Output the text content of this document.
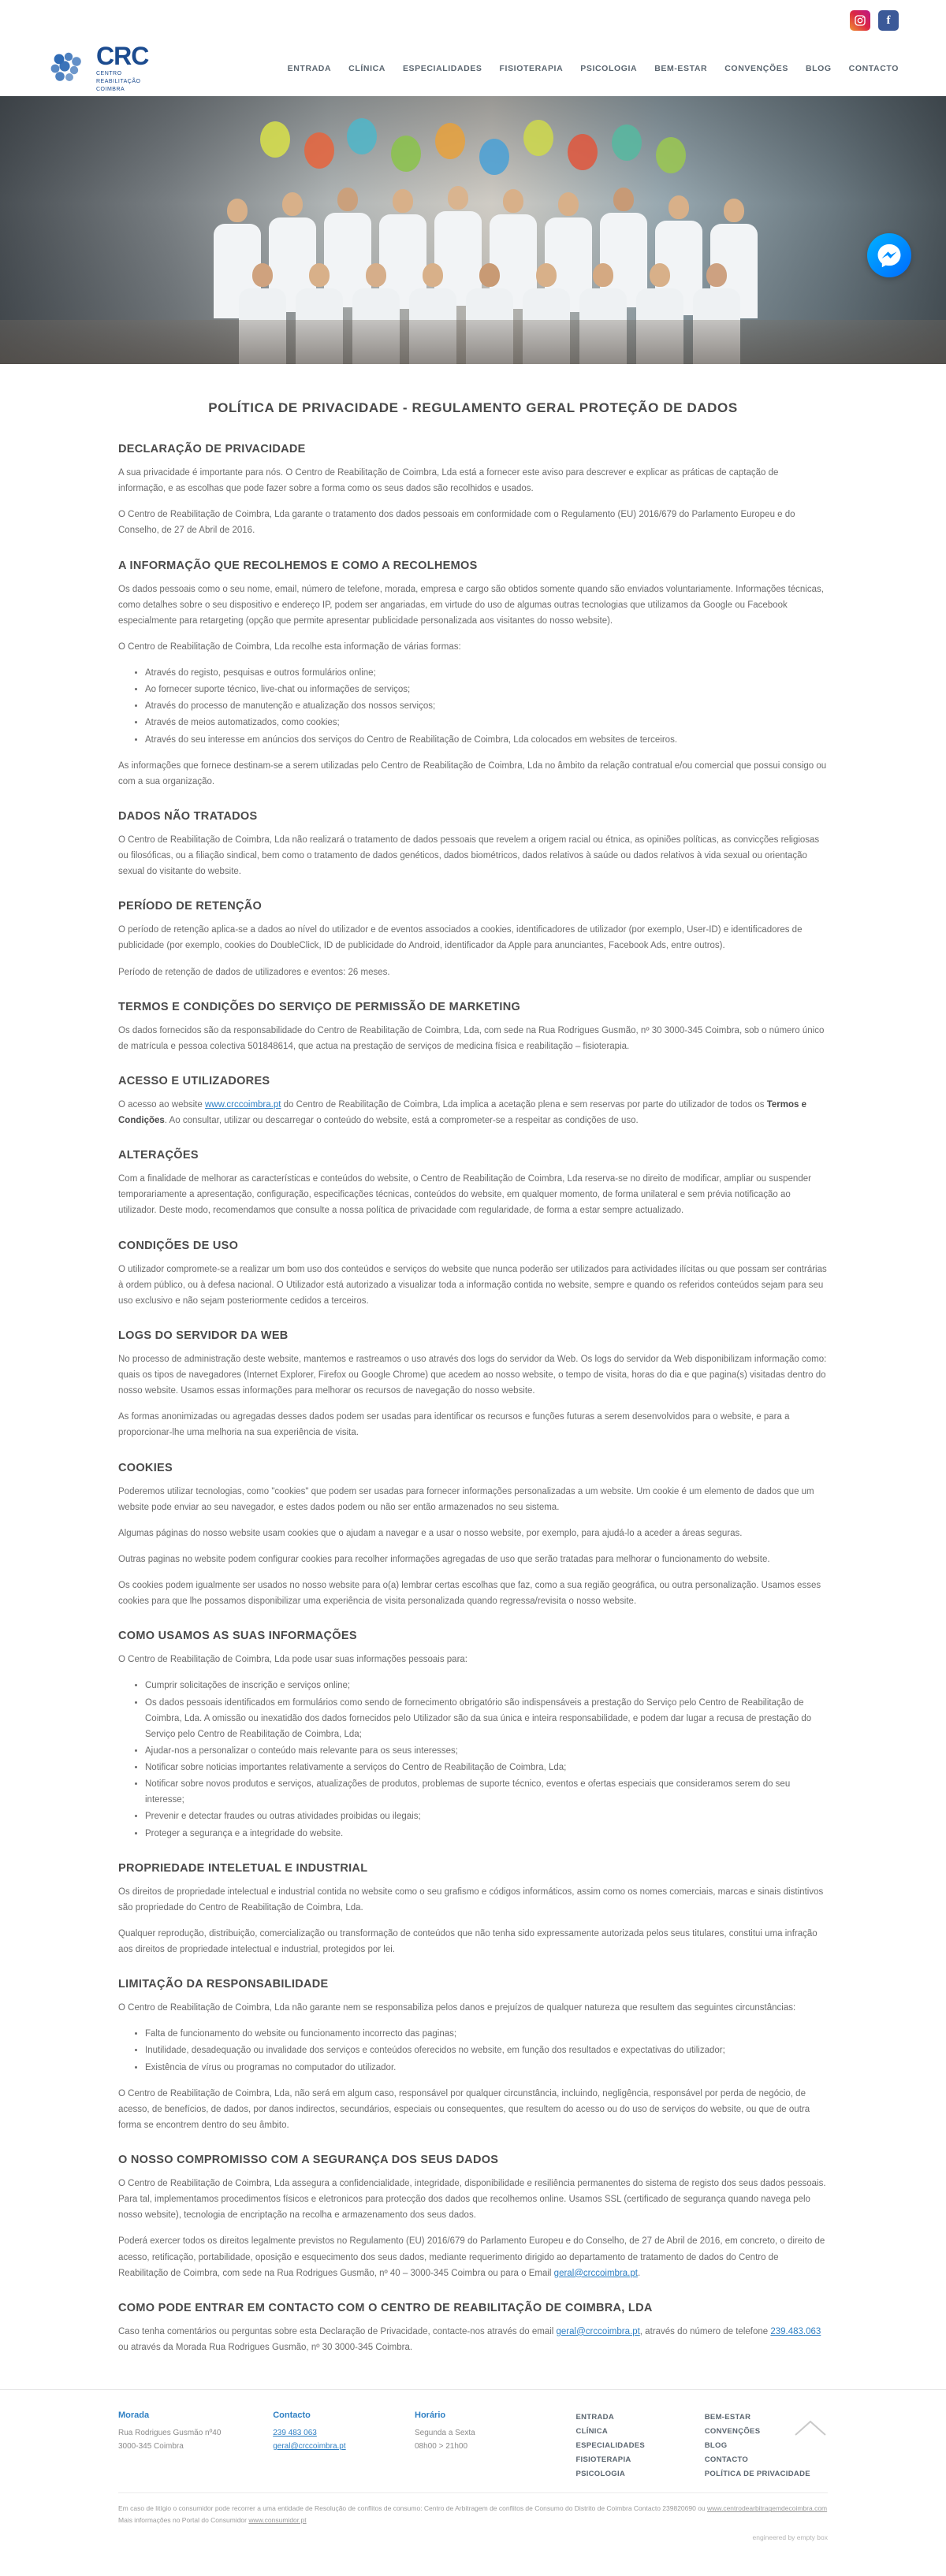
f
CRC
CENTRO
REABILITAÇÃO
COIMBRA
ENTRADA CLÍNICA ESPECIALIDADES FISIOTERAPIA PSICOLOGIA BEM-ESTAR CONVENÇÕES BLOG CONTACTO
POLÍTICA DE PRIVACIDADE - REGULAMENTO GERAL PROTEÇÃO DE DADOS
DECLARAÇÃO DE PRIVACIDADE

A sua privacidade é importante para nós. O Centro de Reabilitação de Coimbra, Lda está a fornecer este aviso para descrever e explicar as práticas de captação de informação, e as escolhas que pode fazer sobre a forma como os seus dados são recolhidos e usados.

O Centro de Reabilitação de Coimbra, Lda garante o tratamento dos dados pessoais em conformidade com o Regulamento (EU) 2016/679 do Parlamento Europeu e do Conselho, de 27 de Abril de 2016.

A INFORMAÇÃO QUE RECOLHEMOS E COMO A RECOLHEMOS

Os dados pessoais como o seu nome, email, número de telefone, morada, empresa e cargo são obtidos somente quando são enviados voluntariamente. Informações técnicas, como detalhes sobre o seu dispositivo e endereço IP, podem ser angariadas, em virtude do uso de algumas outras tecnologias que utilizamos da Google ou Facebook especialmente para retargeting (opção que permite apresentar publicidade personalizada aos visitantes do nosso website).

O Centro de Reabilitação de Coimbra, Lda recolhe esta informação de várias formas:

• Através do registo, pesquisas e outros formulários online;
• Ao fornecer suporte técnico, live-chat ou informações de serviços;
• Através do processo de manutenção e atualização dos nossos serviços;
• Através de meios automatizados, como cookies;
• Através do seu interesse em anúncios dos serviços do Centro de Reabilitação de Coimbra, Lda colocados em websites de terceiros.

As informações que fornece destinam-se a serem utilizadas pelo Centro de Reabilitação de Coimbra, Lda no âmbito da relação contratual e/ou comercial que possui consigo ou com a sua organização.

DADOS NÃO TRATADOS

O Centro de Reabilitação de Coimbra, Lda não realizará o tratamento de dados pessoais que revelem a origem racial ou étnica, as opiniões políticas, as convicções religiosas ou filosóficas, ou a filiação sindical, bem como o tratamento de dados genéticos, dados biométricos, dados relativos à saúde ou dados relativos à vida sexual ou orientação sexual do visitante do website.

PERÍODO DE RETENÇÃO

O período de retenção aplica-se a dados ao nível do utilizador e de eventos associados a cookies, identificadores de utilizador (por exemplo, User-ID) e identificadores de publicidade (por exemplo, cookies do DoubleClick, ID de publicidade do Android, identificador da Apple para anunciantes, Facebook Ads, entre outros).

Período de retenção de dados de utilizadores e eventos: 26 meses.

TERMOS E CONDIÇÕES DO SERVIÇO DE PERMISSÃO DE MARKETING

Os dados fornecidos são da responsabilidade do Centro de Reabilitação de Coimbra, Lda, com sede na Rua Rodrigues Gusmão, nº 30 3000-345 Coimbra, sob o número único de matrícula e pessoa colectiva 501848614, que actua na prestação de serviços de medicina física e reabilitação – fisioterapia.

ACESSO E UTILIZADORES

O acesso ao website www.crccoimbra.pt do Centro de Reabilitação de Coimbra, Lda implica a acetação plena e sem reservas por parte do utilizador de todos os Termos e Condições. Ao consultar, utilizar ou descarregar o conteúdo do website, está a comprometer-se a respeitar as condições de uso.

ALTERAÇÕES

Com a finalidade de melhorar as características e conteúdos do website, o Centro de Reabilitação de Coimbra, Lda reserva-se no direito de modificar, ampliar ou suspender temporariamente a apresentação, configuração, especificações técnicas, conteúdos do website, em qualquer momento, de forma unilateral e sem prévia notificação ao utilizador. Deste modo, recomendamos que consulte a nossa política de privacidade com regularidade, de forma a estar sempre actualizado.

CONDIÇÕES DE USO

O utilizador compromete-se a realizar um bom uso dos conteúdos e serviços do website que nunca poderão ser utilizados para actividades ilícitas ou que possam ser contrárias à ordem público, ou à defesa nacional. O Utilizador está autorizado a visualizar toda a informação contida no website, sempre e quando os referidos conteúdos sejam para seu uso exclusivo e não sejam posteriormente cedidos a terceiros.

LOGS DO SERVIDOR DA WEB

No processo de administração deste website, mantemos e rastreamos o uso através dos logs do servidor da Web. Os logs do servidor da Web disponibilizam informação como: quais os tipos de navegadores (Internet Explorer, Firefox ou Google Chrome) que acedem ao nosso website, o tempo de visita, horas do dia e que pagina(s) visitadas dentro do nosso website. Usamos essas informações para melhorar os recursos de navegação do nosso website.

As formas anonimizadas ou agregadas desses dados podem ser usadas para identificar os recursos e funções futuras a serem desenvolvidos para o website, e para a proporcionar-lhe uma melhoria na sua experiência de visita.

COOKIES

Poderemos utilizar tecnologias, como "cookies" que podem ser usadas para fornecer informações personalizadas a um website. Um cookie é um elemento de dados que um website pode enviar ao seu navegador, e estes dados podem ou não ser então armazenados no seu sistema.

Algumas páginas do nosso website usam cookies que o ajudam a navegar e a usar o nosso website, por exemplo, para ajudá-lo a aceder a áreas seguras.

Outras paginas no website podem configurar cookies para recolher informações agregadas de uso que serão tratadas para melhorar o funcionamento do website.

Os cookies podem igualmente ser usados no nosso website para o(a) lembrar certas escolhas que faz, como a sua região geográfica, ou outra personalização. Usamos esses cookies para que lhe possamos disponibilizar uma experiência de visita personalizada quando regressa/revisita o nosso website.

COMO USAMOS AS SUAS INFORMAÇÕES

O Centro de Reabilitação de Coimbra, Lda pode usar suas informações pessoais para:

• Cumprir solicitações de inscrição e serviços online;
• Os dados pessoais identificados em formulários como sendo de fornecimento obrigatório são indispensáveis a prestação do Serviço pelo Centro de Reabilitação de Coimbra, Lda. A omissão ou inexatidão dos dados fornecidos pelo Utilizador são da sua única e inteira responsabilidade, e podem dar lugar a recusa de prestação do Serviço pelo Centro de Reabilitação de Coimbra, Lda;
• Ajudar-nos a personalizar o conteúdo mais relevante para os seus interesses;
• Notificar sobre noticias importantes relativamente a serviços do Centro de Reabilitação de Coimbra, Lda;
• Notificar sobre novos produtos e serviços, atualizações de produtos, problemas de suporte técnico, eventos e ofertas especiais que consideramos serem do seu interesse;
• Prevenir e detectar fraudes ou outras atividades proibidas ou ilegais;
• Proteger a segurança e a integridade do website.
PROPRIEDADE INTELETUAL E INDUSTRIAL

Os direitos de propriedade intelectual e industrial contida no website como o seu grafismo e códigos informáticos, assim como os nomes comerciais, marcas e sinais distintivos são propriedade do Centro de Reabilitação de Coimbra, Lda.

Qualquer reprodução, distribuição, comercialização ou transformação de conteúdos que não tenha sido expressamente autorizada pelos seus titulares, constitui uma infração aos direitos de propriedade intelectual e industrial, protegidos por lei.

LIMITAÇÃO DA RESPONSABILIDADE

O Centro de Reabilitação de Coimbra, Lda não garante nem se responsabiliza pelos danos e prejuízos de qualquer natureza que resultem das seguintes circunstâncias:

• Falta de funcionamento do website ou funcionamento incorrecto das paginas;
• Inutilidade, desadequação ou invalidade dos serviços e conteúdos oferecidos no website, em função dos resultados e expectativas do utilizador;
• Existência de vírus ou programas no computador do utilizador.

O Centro de Reabilitação de Coimbra, Lda, não será em algum caso, responsável por qualquer circunstância, incluindo, negligência, responsável por perda de negócio, de acesso, de benefícios, de dados, por danos indirectos, secundários, especiais ou consequentes, que resultem do acesso ou do uso de serviços do website, ou que de outra forma se encontrem dentro do seu âmbito.

O NOSSO COMPROMISSO COM A SEGURANÇA DOS SEUS DADOS

O Centro de Reabilitação de Coimbra, Lda assegura a confidencialidade, integridade, disponibilidade e resiliência permanentes do sistema de registo dos seus dados pessoais. Para tal, implementamos procedimentos físicos e eletronicos para protecção dos dados que recolhemos online. Usamos SSL (certificado de segurança quando navega pelo nosso website), tecnologia de encriptação na recolha e armazenamento dos seus dados.

Poderá exercer todos os direitos legalmente previstos no Regulamento (EU) 2016/679 do Parlamento Europeu e do Conselho, de 27 de Abril de 2016, em concreto, o direito de acesso, retificação, portabilidade, oposição e esquecimento dos seus dados, mediante requerimento dirigido ao departamento de tratamento de dados do Centro de Reabilitação de Coimbra, com sede na Rua Rodrigues Gusmão, nº 40 – 3000-345 Coimbra ou para o Email geral@crccoimbra.pt.

COMO PODE ENTRAR EM CONTACTO COM O CENTRO DE REABILITAÇÃO DE COIMBRA, LDA

Caso tenha comentários ou perguntas sobre esta Declaração de Privacidade, contacte-nos através do email geral@crccoimbra.pt, através do número de telefone 239.483.063 ou através da Morada Rua Rodrigues Gusmão, nº 30 3000-345 Coimbra.

Morada
Rua Rodrigues Gusmão nº40
3000-345 Coimbra
Contacto
239 483 063
geral@crccoimbra.pt
Horário
Segunda a Sexta
08h00 > 21h00
ENTRADA
CLÍNICA
ESPECIALIDADES
FISIOTERAPIA
PSICOLOGIA
BEM-ESTAR
CONVENÇÕES
BLOG
CONTACTO
POLÍTICA DE PRIVACIDADE
Em caso de litígio o consumidor pode recorrer a uma entidade de Resolução de conflitos de consumo: Centro de Arbitragem de conflitos de Consumo do Distrito de Coimbra Contacto 239820690 ou www.centrodearbitragemdecoimbra.com Mais informações no Portal do Consumidor www.consumidor.pt
engineered by empty box
